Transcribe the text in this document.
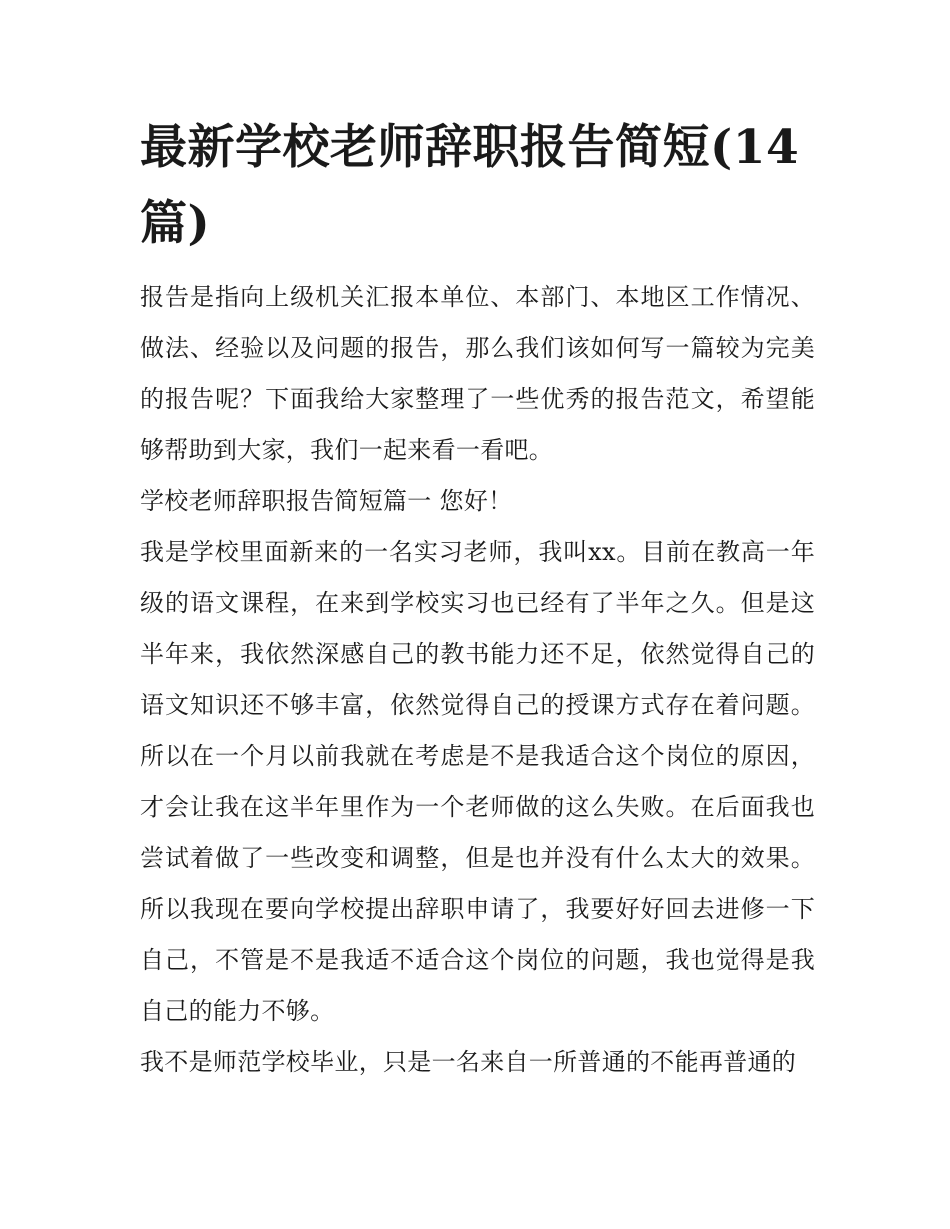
最新学校老师辞职报告简短(14篇)

报告是指向上级机关汇报本单位、本部门、本地区工作情况、做法、经验以及问题的报告，那么我们该如何写一篇较为完美的报告呢？下面我给大家整理了一些优秀的报告范文，希望能够帮助到大家，我们一起来看一看吧。

学校老师辞职报告简短篇一 您好！

我是学校里面新来的一名实习老师，我叫xx。目前在教高一年级的语文课程，在来到学校实习也已经有了半年之久。但是这半年来，我依然深感自己的教书能力还不足，依然觉得自己的语文知识还不够丰富，依然觉得自己的授课方式存在着问题。所以在一个月以前我就在考虑是不是我适合这个岗位的原因，才会让我在这半年里作为一个老师做的这么失败。在后面我也尝试着做了一些改变和调整，但是也并没有什么太大的效果。所以我现在要向学校提出辞职申请了，我要好好回去进修一下自己，不管是不是我适不适合这个岗位的问题，我也觉得是我自己的能力不够。

我不是师范学校毕业，只是一名来自一所普通的不能再普通的
